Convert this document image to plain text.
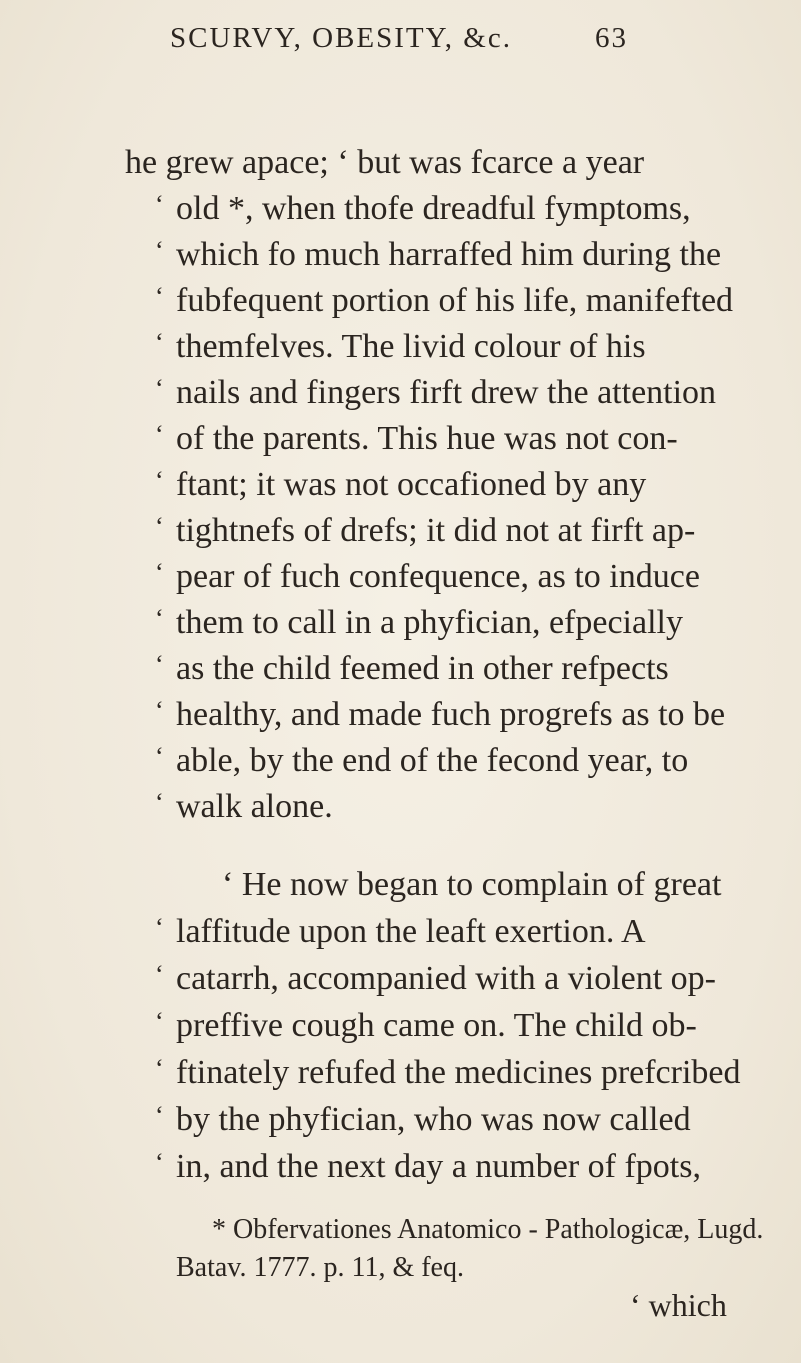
SCURVY, OBESITY, &c.	63
he grew apace; ‘ but was fcarce a year
‘ old *, when thofe dreadful fymptoms,
‘ which fo much harraffed him during the
‘ fubfequent portion of his life, manifefted
‘ themfelves. The livid colour of his
‘ nails and fingers firft drew the attention
‘ of the parents. This hue was not con-
‘ ftant; it was not occafioned by any
‘ tightnefs of drefs; it did not at firft ap-
‘ pear of fuch confequence, as to induce
‘ them to call in a phyfician, efpecially
‘ as the child feemed in other refpects
‘ healthy, and made fuch progrefs as to be
‘ able, by the end of the fecond year, to
‘ walk alone.
‘ He now began to complain of great
‘ laffitude upon the leaft exertion. A
‘ catarrh, accompanied with a violent op-
‘ preffive cough came on. The child ob-
‘ ftinately refufed the medicines prefcribed
‘ by the phyfician, who was now called
‘ in, and the next day a number of fpots,
* Obfervationes Anatomico - Pathologicæ, Lugd.
Batav. 1777. p. 11, & feq.
‘ which
